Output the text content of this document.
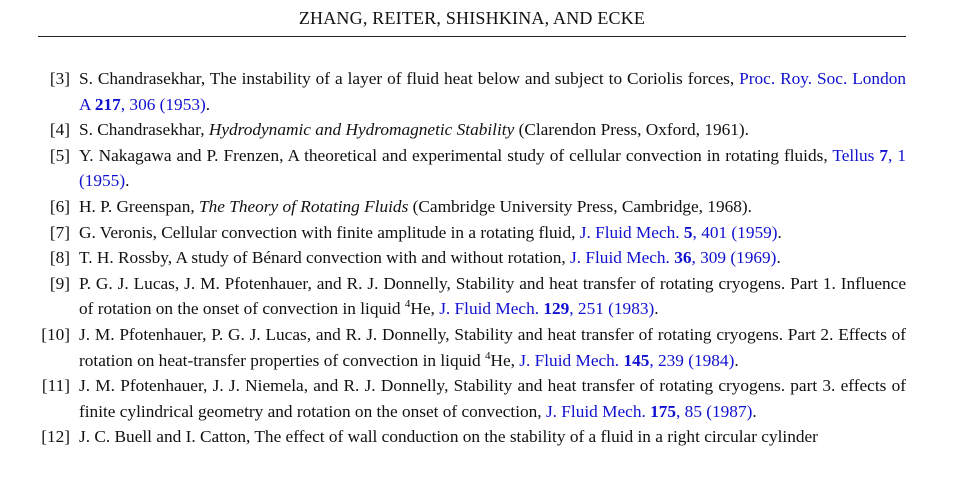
ZHANG, REITER, SHISHKINA, AND ECKE
[3] S. Chandrasekhar, The instability of a layer of fluid heat below and subject to Coriolis forces, Proc. Roy. Soc. London A 217, 306 (1953).
[4] S. Chandrasekhar, Hydrodynamic and Hydromagnetic Stability (Clarendon Press, Oxford, 1961).
[5] Y. Nakagawa and P. Frenzen, A theoretical and experimental study of cellular convection in rotating fluids, Tellus 7, 1 (1955).
[6] H. P. Greenspan, The Theory of Rotating Fluids (Cambridge University Press, Cambridge, 1968).
[7] G. Veronis, Cellular convection with finite amplitude in a rotating fluid, J. Fluid Mech. 5, 401 (1959).
[8] T. H. Rossby, A study of Bénard convection with and without rotation, J. Fluid Mech. 36, 309 (1969).
[9] P. G. J. Lucas, J. M. Pfotenhauer, and R. J. Donnelly, Stability and heat transfer of rotating cryogens. Part 1. Influence of rotation on the onset of convection in liquid $^4$He, J. Fluid Mech. 129, 251 (1983).
[10] J. M. Pfotenhauer, P. G. J. Lucas, and R. J. Donnelly, Stability and heat transfer of rotating cryogens. Part 2. Effects of rotation on heat-transfer properties of convection in liquid $^4$He, J. Fluid Mech. 145, 239 (1984).
[11] J. M. Pfotenhauer, J. J. Niemela, and R. J. Donnelly, Stability and heat transfer of rotating cryogens. part 3. effects of finite cylindrical geometry and rotation on the onset of convection, J. Fluid Mech. 175, 85 (1987).
[12] J. C. Buell and I. Catton, The effect of wall conduction on the stability of a fluid in a right circular cylinder
